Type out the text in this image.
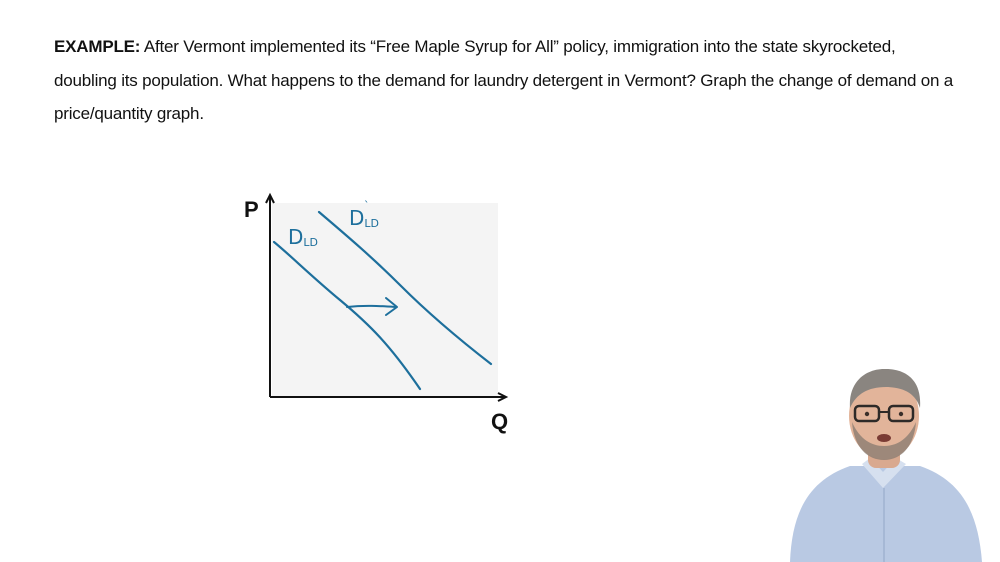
EXAMPLE: After Vermont implemented its “Free Maple Syrup for All” policy, immigration into the state skyrocketed, doubling its population. What happens to the demand for laundry detergent in Vermont? Graph the change of demand on a price/quantity graph.
P
Q
DLD
DLD
`
